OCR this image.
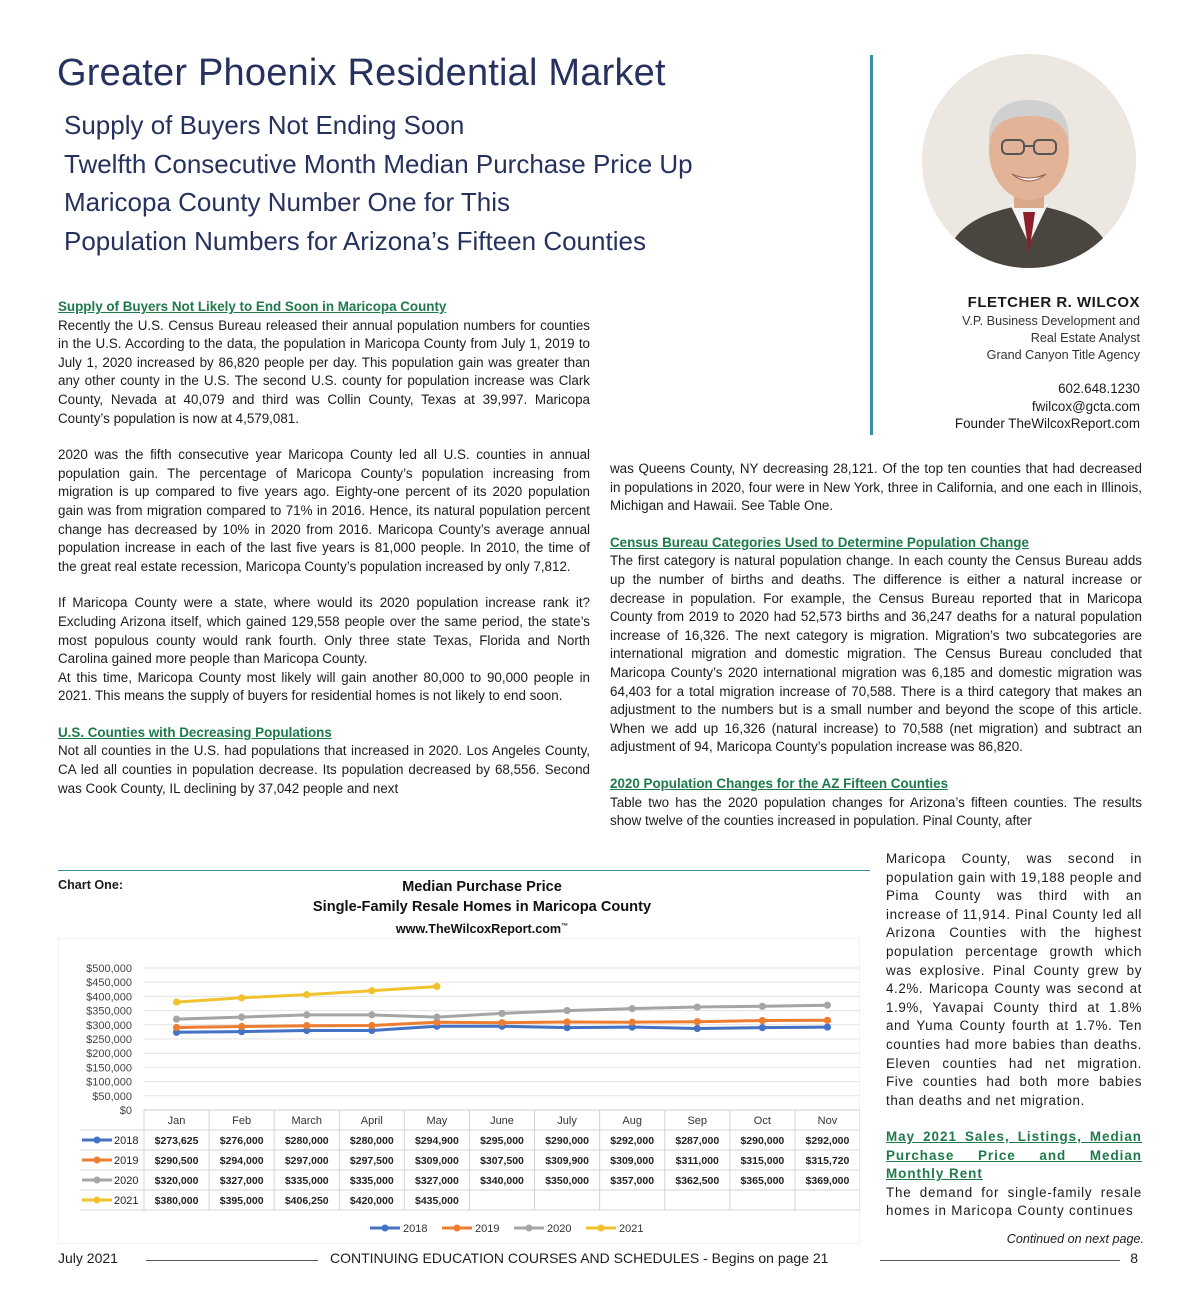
Greater Phoenix Residential Market
Supply of Buyers Not Ending Soon
Twelfth Consecutive Month Median Purchase Price Up
Maricopa County Number One for This
Population Numbers for Arizona’s Fifteen Counties
FLETCHER R. WILCOX
V.P. Business Development and
Real Estate Analyst
Grand Canyon Title Agency
602.648.1230
fwilcox@gcta.com
Founder TheWilcoxReport.com
Supply of Buyers Not Likely to End Soon in Maricopa County
Recently the U.S. Census Bureau released their annual population numbers for counties in the U.S. According to the data, the population in Maricopa County from July 1, 2019 to July 1, 2020 increased by 86,820 people per day. This population gain was greater than any other county in the U.S. The second U.S. county for population increase was Clark County, Nevada at 40,079 and third was Collin County, Texas at 39,997. Maricopa County’s population is now at 4,579,081.
2020 was the fifth consecutive year Maricopa County led all U.S. counties in annual population gain. The percentage of Maricopa County’s population increasing from migration is up compared to five years ago. Eighty-one percent of its 2020 population gain was from migration compared to 71% in 2016. Hence, its natural population percent change has decreased by 10% in 2020 from 2016. Maricopa County’s average annual population increase in each of the last five years is 81,000 people. In 2010, the time of the great real estate recession, Maricopa County’s population increased by only 7,812.
If Maricopa County were a state, where would its 2020 population increase rank it? Excluding Arizona itself, which gained 129,558 people over the same period, the state’s most populous county would rank fourth. Only three state Texas, Florida and North Carolina gained more people than Maricopa County.
At this time, Maricopa County most likely will gain another 80,000 to 90,000 people in 2021. This means the supply of buyers for residential homes is not likely to end soon.
U.S. Counties with Decreasing Populations
Not all counties in the U.S. had populations that increased in 2020. Los Angeles County, CA led all counties in population decrease. Its population decreased by 68,556. Second was Cook County, IL declining by 37,042 people and next
was Queens County, NY decreasing 28,121. Of the top ten counties that had decreased in populations in 2020, four were in New York, three in California, and one each in Illinois, Michigan and Hawaii. See Table One.
Census Bureau Categories Used to Determine Population Change
The first category is natural population change. In each county the Census Bureau adds up the number of births and deaths. The difference is either a natural increase or decrease in population. For example, the Census Bureau reported that in Maricopa County from 2019 to 2020 had 52,573 births and 36,247 deaths for a natural population increase of 16,326. The next category is migration. Migration’s two subcategories are international migration and domestic migration. The Census Bureau concluded that Maricopa County’s 2020 international migration was 6,185 and domestic migration was 64,403 for a total migration increase of 70,588. There is a third category that makes an adjustment to the numbers but is a small number and beyond the scope of this article. When we add up 16,326 (natural increase) to 70,588 (net migration) and subtract an adjustment of 94, Maricopa County’s population increase was 86,820.
2020 Population Changes for the AZ Fifteen Counties
Table two has the 2020 population changes for Arizona’s fifteen counties. The results show twelve of the counties increased in population. Pinal County, after
Maricopa County, was second in population gain with 19,188 people and Pima County was third with an increase of 11,914. Pinal County led all Arizona Counties with the highest population percentage growth which was explosive. Pinal County grew by 4.2%. Maricopa County was second at 1.9%, Yavapai County third at 1.8% and Yuma County fourth at 1.7%. Ten counties had more babies than deaths. Eleven counties had net migration. Five counties had both more babies than deaths and net migration.
May 2021 Sales, Listings, Median Purchase Price and Median Monthly Rent
The demand for single-family resale homes in Maricopa County continues
Chart One:	Median Purchase Price
Single-Family Resale Homes in Maricopa County
www.TheWilcoxReport.com™
$0
$50,000
$100,000
$150,000
$200,000
$250,000
$300,000
$350,000
$400,000
$450,000
$500,000
Jan	Feb	March	April	May	June	July	Aug	Sep	Oct	Nov
2018 $273,625 $276,000 $280,000 $280,000 $294,900 $295,000 $290,000 $292,000 $287,000 $290,000 $292,000
2019 $290,500 $294,000 $297,000 $297,500 $309,000 $307,500 $309,900 $309,000 $311,000 $315,000 $315,720
2020 $320,000 $327,000 $335,000 $335,000 $327,000 $340,000 $350,000 $357,000 $362,500 $365,000 $369,000
2021 $380,000 $395,000 $406,250 $420,000 $435,000
2018	2019	2020	2021
Continued on next page.
July 2021	CONTINUING EDUCATION COURSES AND SCHEDULES - Begins on page 21	8
